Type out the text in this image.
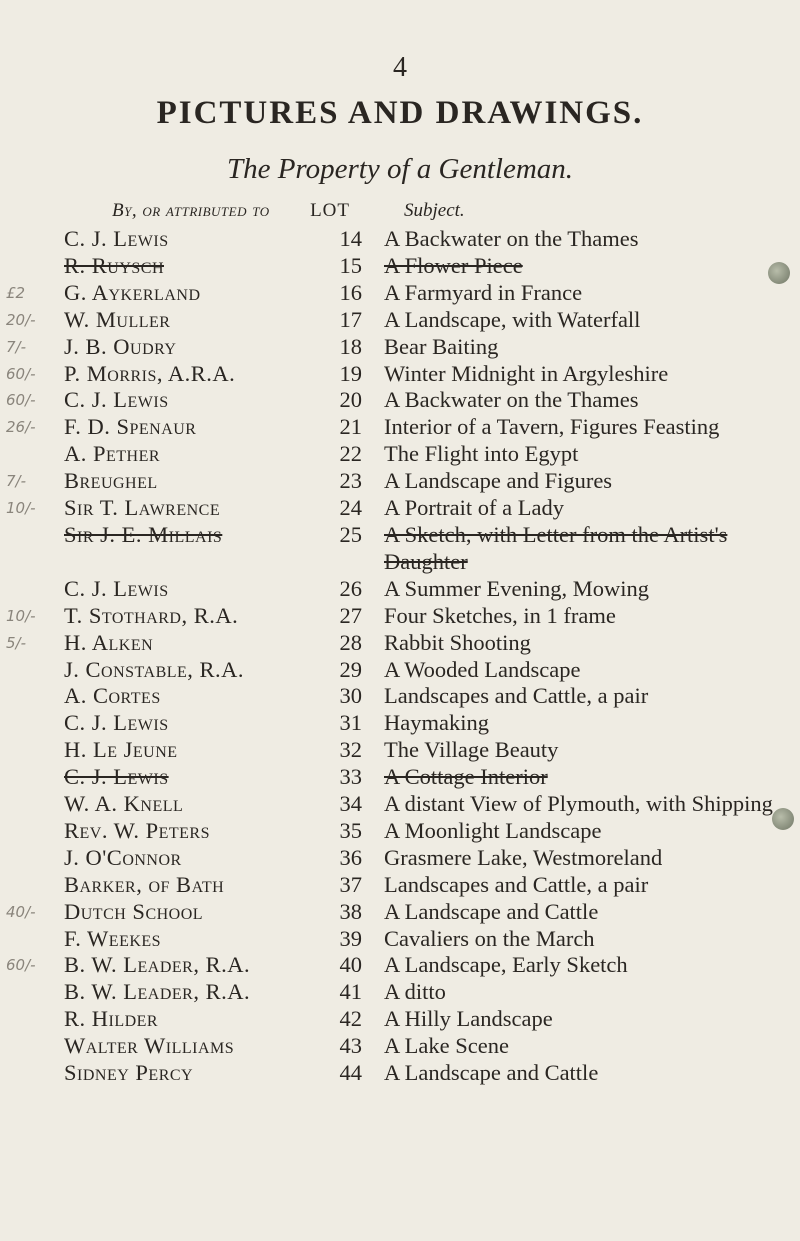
4
PICTURES AND DRAWINGS.
The Property of a Gentleman.
By, or attributed to	LOT	Subject.
C. J. Lewis	14 A Backwater on the Thames
R. Ruysch	15 A Flower Piece
£2	G. Aykerland	16 A Farmyard in France
20/-	W. Muller	17 A Landscape, with Waterfall
7/-	J. B. Oudry	18 Bear Baiting
60/-	P. Morris, A.R.A.	19 Winter Midnight in Argyleshire
60/-	C. J. Lewis	20 A Backwater on the Thames
26/-	F. D. Spenaur	21 Interior of a Tavern, Figures Feasting
A. Pether	22 The Flight into Egypt
7/-	Breughel	23 A Landscape and Figures
10/-	Sir T. Lawrence	24 A Portrait of a Lady
Sir J. E. Millais	25 A Sketch, with Letter from the Artist's Daughter
C. J. Lewis	26 A Summer Evening, Mowing
10/-	T. Stothard, R.A.	27 Four Sketches, in 1 frame
5/-	H. Alken	28 Rabbit Shooting
J. Constable, R.A.	29 A Wooded Landscape
A. Cortes	30 Landscapes and Cattle, a pair
C. J. Lewis	31 Haymaking
H. Le Jeune	32 The Village Beauty
C. J. Lewis	33 A Cottage Interior
W. A. Knell	34 A distant View of Plymouth, with Shipping
Rev. W. Peters	35 A Moonlight Landscape
J. O'Connor	36 Grasmere Lake, Westmoreland
Barker, of Bath	37 Landscapes and Cattle, a pair
40/-	Dutch School	38 A Landscape and Cattle
F. Weekes	39 Cavaliers on the March
60/-	B. W. Leader, R.A.	40 A Landscape, Early Sketch
B. W. Leader, R.A.	41 A ditto
R. Hilder	42 A Hilly Landscape
Walter Williams	43 A Lake Scene
Sidney Percy	44 A Landscape and Cattle
